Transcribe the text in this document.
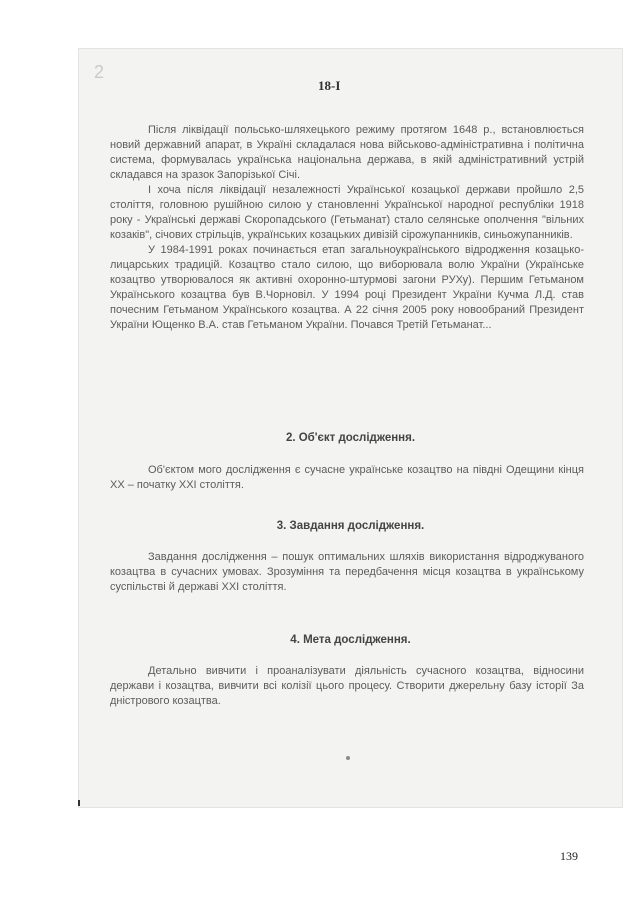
2
18-I

Після ліквідації польсько-шляхецького режиму протягом 1648 р., встановлюється новий державний апарат, в Україні складалася нова військово-адміністративна і політична система, формувалась українська національна держава, в якій адміністративний устрій складався на зразок Запорізької Січі.

І хоча після ліквідації незалежності Української козацької держави пройшло 2,5 століття, головною рушійною силою у становленні Української народної республіки 1918 року - Українські державі Скоропадського (Гетьманат) стало селянське ополчення "вільних козаків", січових стрільців, українських козацьких дивізій сірожупанників, синьожупанників.

У 1984-1991 роках починається етап загальноукраїнського відродження козацько-лицарських традицій. Козацтво стало силою, що виборювала волю України (Українське козацтво утворювалося як активні охоронно-штурмові загони РУХу). Першим Гетьманом Українського козацтва був В.Чорновіл. У 1994 році Президент України Кучма Л.Д. став почесним Гетьманом Українського козацтва. А 22 січня 2005 року новообраний Президент України Ющенко В.А. став Гетьманом України. Почався Третій Гетьманат...

2. Об'єкт дослідження.

Об'єктом мого дослідження є сучасне українське козацтво на півдні Одещини кінця XX – початку XXI століття.

3. Завдання дослідження.

Завдання дослідження – пошук оптимальних шляхів використання відроджуваного козацтва в сучасних умовах. Зрозуміння та передбачення місця козацтва в українському суспільстві й державі XXI століття.

4. Мета дослідження.

Детально вивчити і проаналізувати діяльність сучасного козацтва, відносини держави і козацтва, вивчити всі колізії цього процесу. Створити джерельну базу історії За дністрового козацтва.

139
